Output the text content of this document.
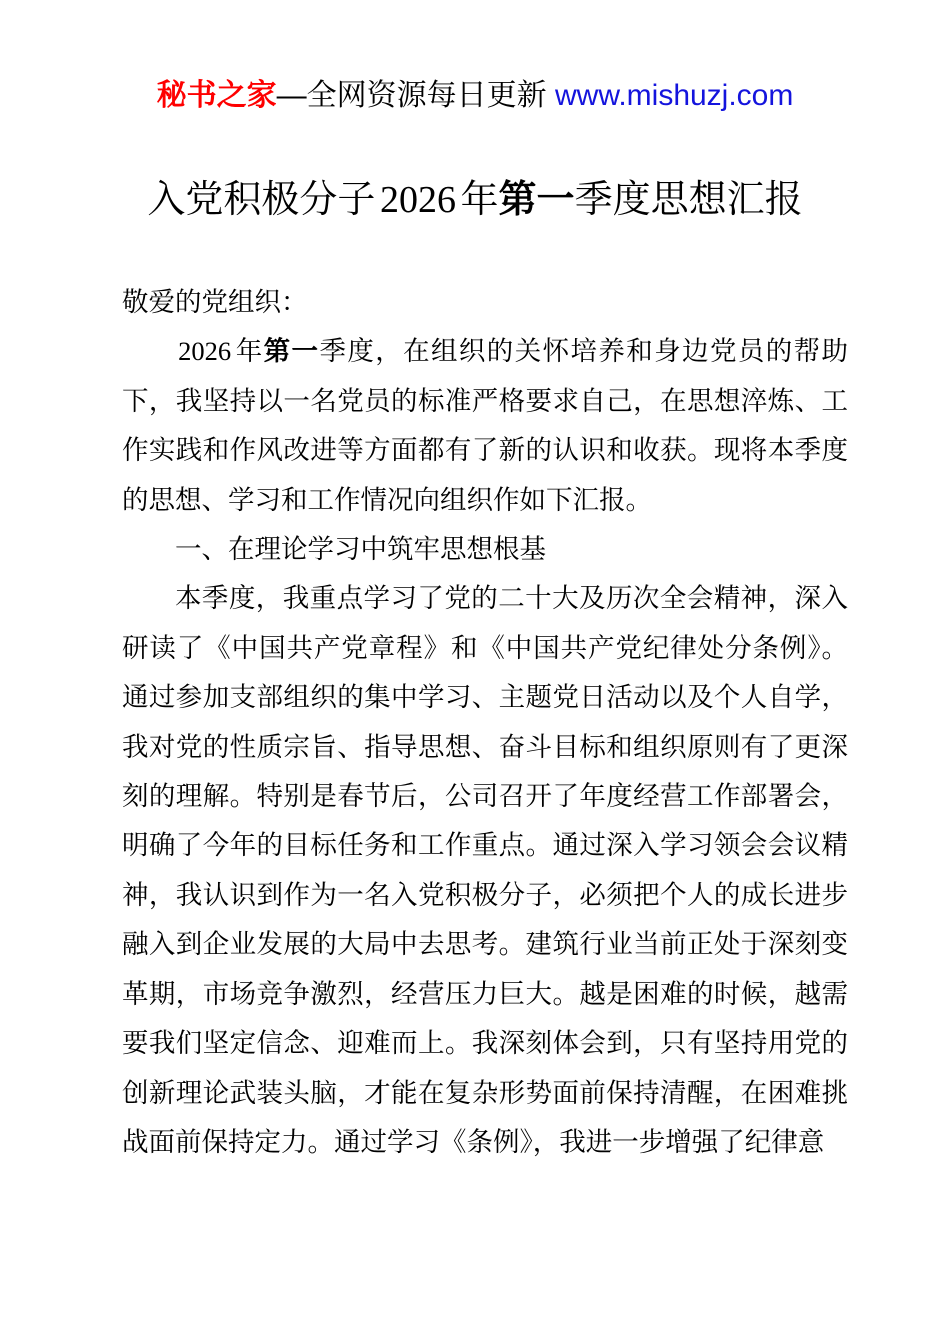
秘书之家—全网资源每日更新 www.mishuzj.com
入党积极分子 2026 年第一季度思想汇报

敬爱的党组织：

2026 年第一季度，在组织的关怀培养和身边党员的帮助下，我坚持以一名党员的标准严格要求自己，在思想淬炼、工作实践和作风改进等方面都有了新的认识和收获。现将本季度的思想、学习和工作情况向组织作如下汇报。

一、在理论学习中筑牢思想根基

本季度，我重点学习了党的二十大及历次全会精神，深入研读了《中国共产党章程》和《中国共产党纪律处分条例》。通过参加支部组织的集中学习、主题党日活动以及个人自学，我对党的性质宗旨、指导思想、奋斗目标和组织原则有了更深刻的理解。特别是春节后，公司召开了年度经营工作部署会，明确了今年的目标任务和工作重点。通过深入学习领会会议精神，我认识到作为一名入党积极分子，必须把个人的成长进步融入到企业发展的大局中去思考。建筑行业当前正处于深刻变革期，市场竞争激烈，经营压力巨大。越是困难的时候，越需要我们坚定信念、迎难而上。我深刻体会到，只有坚持用党的创新理论武装头脑，才能在复杂形势面前保持清醒，在困难挑战面前保持定力。通过学习《条例》，我进一步增强了纪律意
